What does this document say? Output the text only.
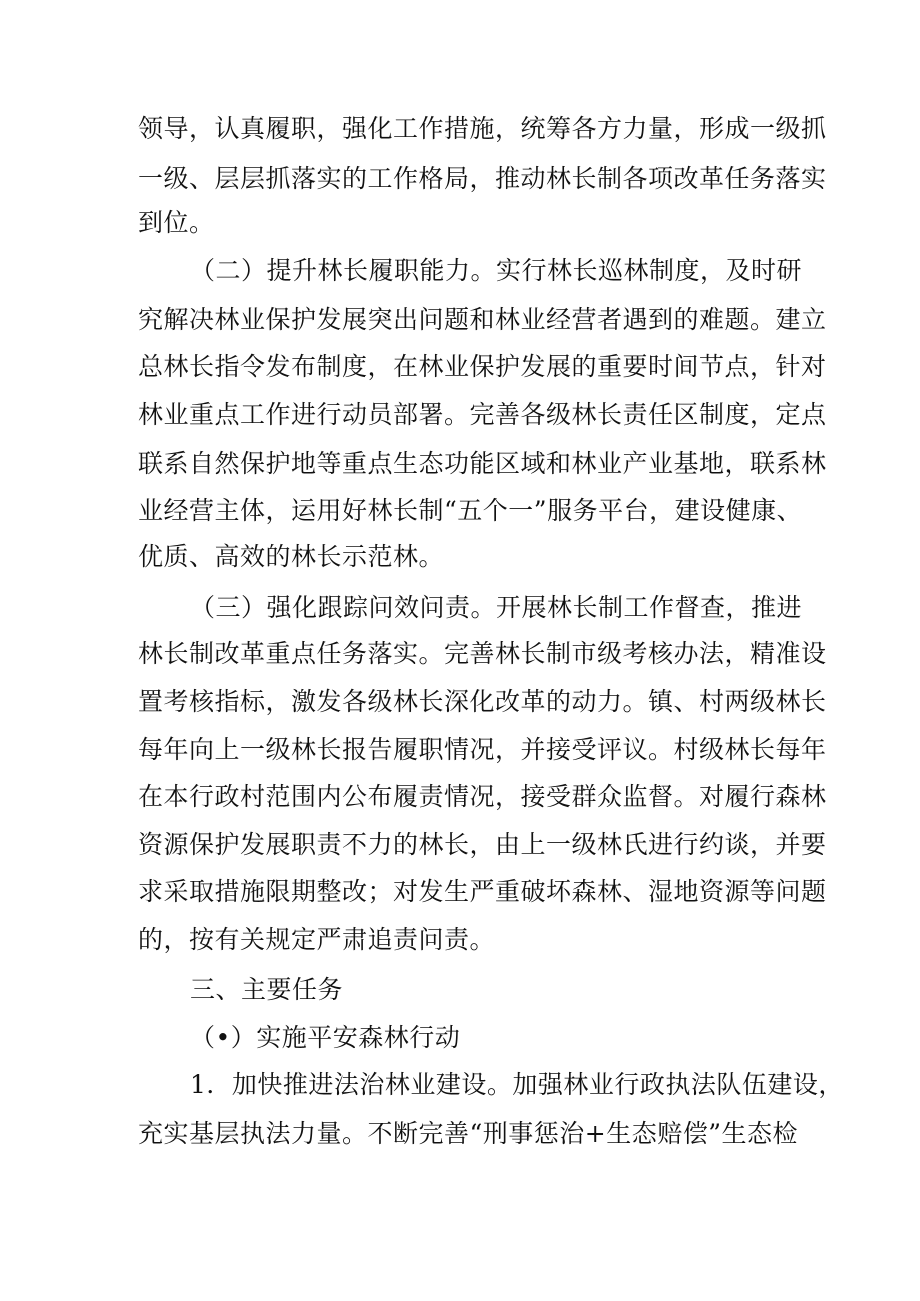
领导，认真履职，强化工作措施，统筹各方力量，形成一级抓
一级、层层抓落实的工作格局，推动林长制各项改革任务落实
到位。
（二）提升林长履职能力。实行林长巡林制度，及时研
究解决林业保护发展突出问题和林业经营者遇到的难题。建立
总林长指令发布制度，在林业保护发展的重要时间节点，针对
林业重点工作进行动员部署。完善各级林长责任区制度，定点
联系自然保护地等重点生态功能区域和林业产业基地，联系林
业经营主体，运用好林长制“五个一”服务平台，建设健康、
优质、高效的林长示范林。
（三）强化跟踪问效问责。开展林长制工作督查，推进
林长制改革重点任务落实。完善林长制市级考核办法，精准设
置考核指标，激发各级林长深化改革的动力。镇、村两级林长
每年向上一级林长报告履职情况，并接受评议。村级林长每年
在本行政村范围内公布履责情况，接受群众监督。对履行森林
资源保护发展职责不力的林长，由上一级林氏进行约谈，并要
求采取措施限期整改；对发生严重破坏森林、湿地资源等问题
的，按有关规定严肃追责问责。
三、主要任务
（•）实施平安森林行动
1．加快推进法治林业建设。加强林业行政执法队伍建设，
充实基层执法力量。不断完善“刑事惩治+生态赔偿”生态检
